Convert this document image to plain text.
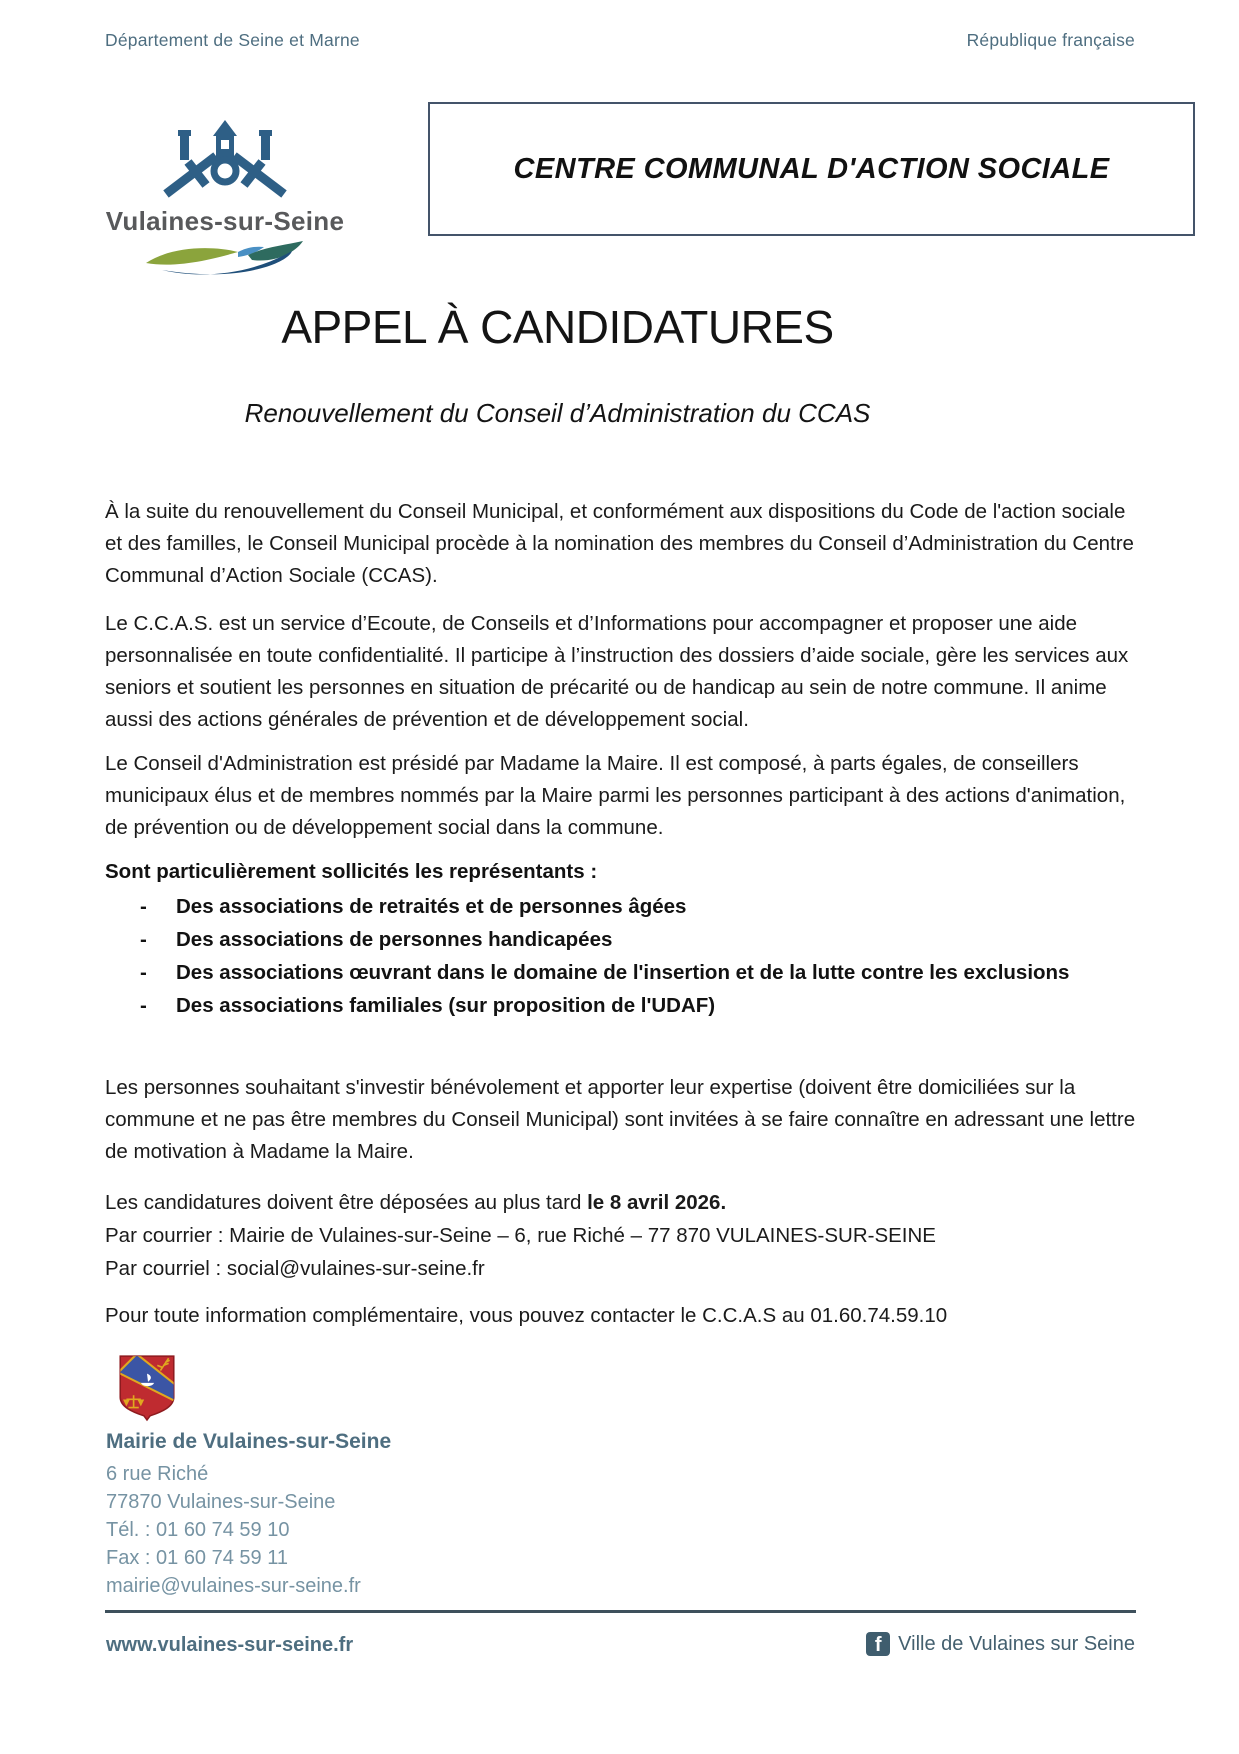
Département de Seine et Marne	République française
Vulaines-sur-Seine
CENTRE COMMUNAL D'ACTION SOCIALE
APPEL À CANDIDATURES
Renouvellement du Conseil d’Administration du CCAS
À la suite du renouvellement du Conseil Municipal, et conformément aux dispositions du Code de l'action sociale et des familles, le Conseil Municipal procède à la nomination des membres du Conseil d’Administration du Centre Communal d’Action Sociale (CCAS).
Le C.C.A.S. est un service d’Ecoute, de Conseils et d’Informations pour accompagner et proposer une aide personnalisée en toute confidentialité. Il participe à l’instruction des dossiers d’aide sociale, gère les services aux seniors et soutient les personnes en situation de précarité ou de handicap au sein de notre commune. Il anime aussi des actions générales de prévention et de développement social.
Le Conseil d'Administration est présidé par Madame la Maire. Il est composé, à parts égales, de conseillers municipaux élus et de membres nommés par la Maire parmi les personnes participant à des actions d'animation, de prévention ou de développement social dans la commune.
Sont particulièrement sollicités les représentants :
-	Des associations de retraités et de personnes âgées
-	Des associations de personnes handicapées
-	Des associations œuvrant dans le domaine de l'insertion et de la lutte contre les exclusions
-	Des associations familiales (sur proposition de l'UDAF)
Les personnes souhaitant s'investir bénévolement et apporter leur expertise (doivent être domiciliées sur la commune et ne pas être membres du Conseil Municipal) sont invitées à se faire connaître en adressant une lettre de motivation à Madame la Maire.
Les candidatures doivent être déposées au plus tard le 8 avril 2026.
Par courrier : Mairie de Vulaines-sur-Seine – 6, rue Riché – 77 870 VULAINES-SUR-SEINE
Par courriel : social@vulaines-sur-seine.fr
Pour toute information complémentaire, vous pouvez contacter le C.C.A.S au 01.60.74.59.10
Mairie de Vulaines-sur-Seine
6 rue Riché
77870 Vulaines-sur-Seine
Tél. : 01 60 74 59 10
Fax : 01 60 74 59 11
mairie@vulaines-sur-seine.fr
www.vulaines-sur-seine.fr	f Ville de Vulaines sur Seine
